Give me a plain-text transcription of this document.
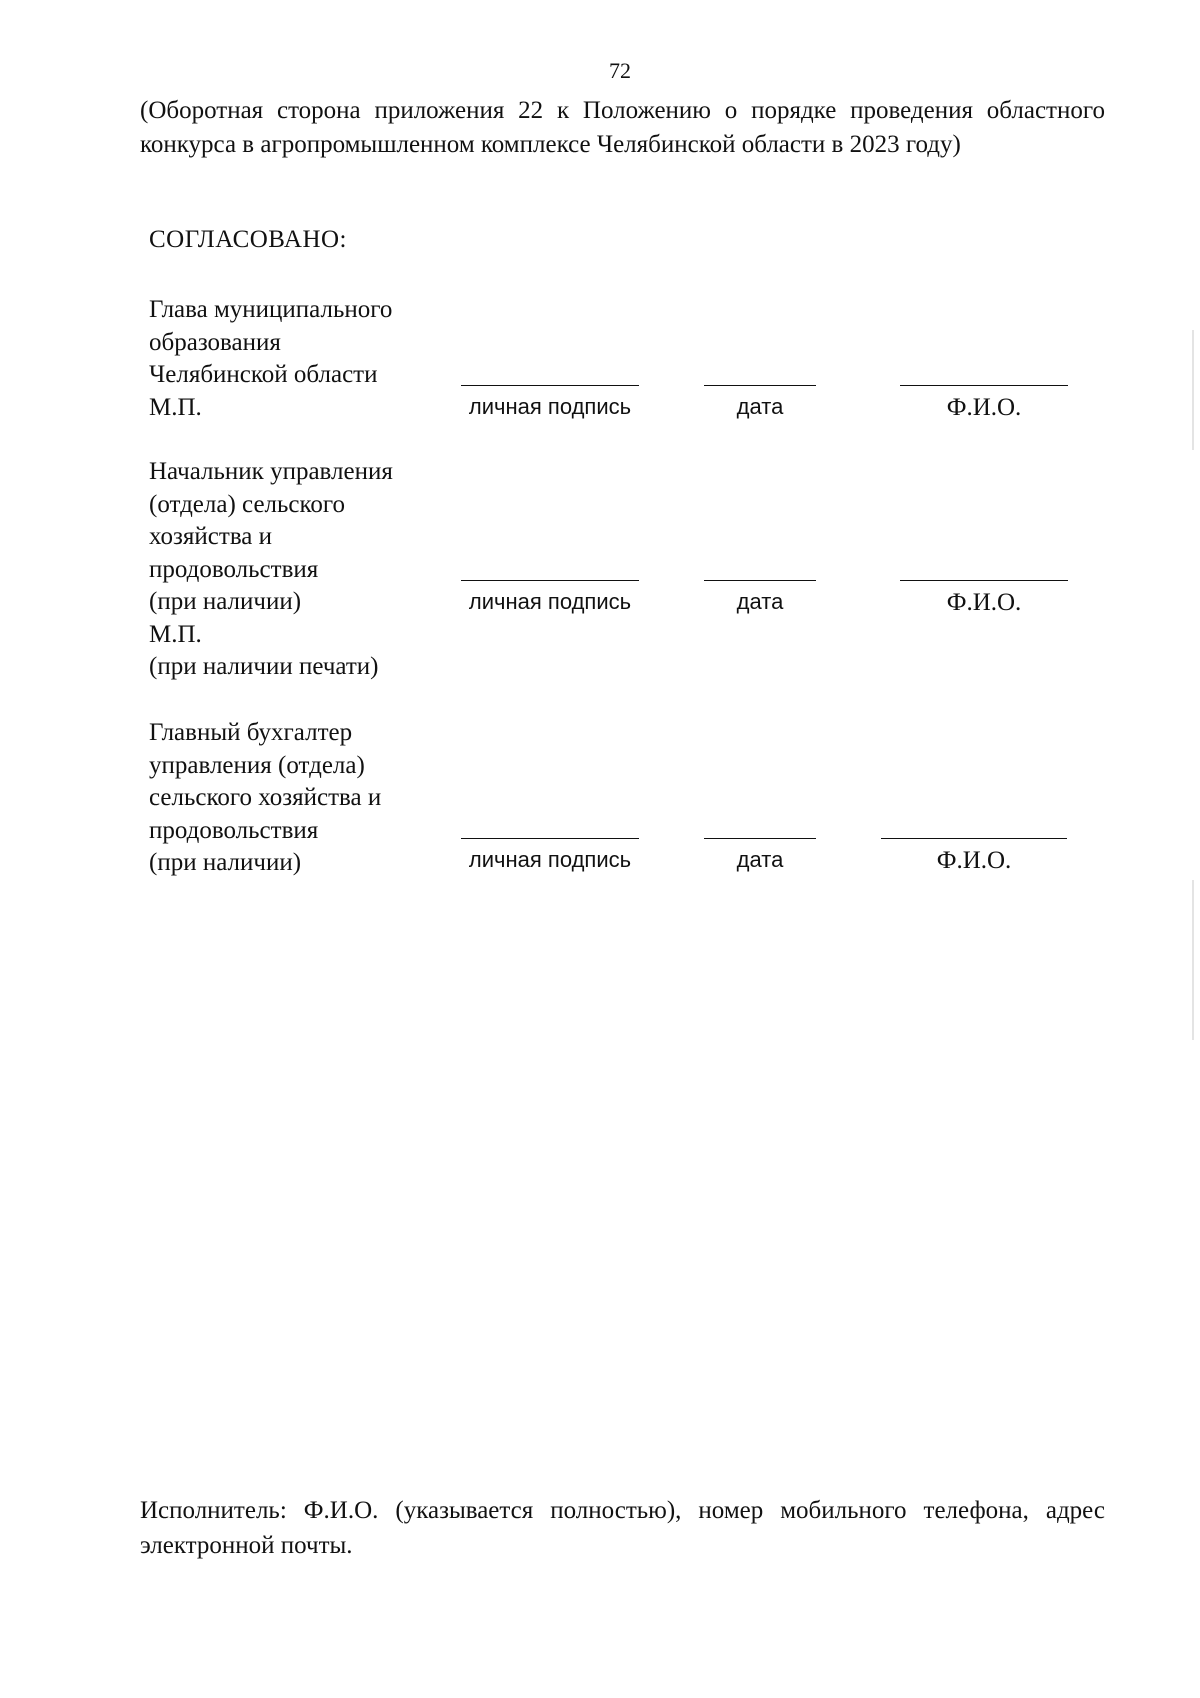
72
(Оборотная сторона приложения 22 к Положению о порядке проведения областного конкурса в агропромышленном комплексе Челябинской области в 2023 году)
СОГЛАСОВАНО:
Глава муниципального
образования
Челябинской области
М.П.	личная подпись	дата	Ф.И.О.
Начальник управления
(отдела) сельского
хозяйства и
продовольствия
(при наличии)
М.П.
(при наличии печати)
личная подпись	дата	Ф.И.О.
Главный бухгалтер
управления (отдела)
сельского хозяйства и
продовольствия
(при наличии)	личная подпись	дата	Ф.И.О.
Исполнитель: Ф.И.О. (указывается полностью), номер мобильного телефона, адрес электронной почты.
